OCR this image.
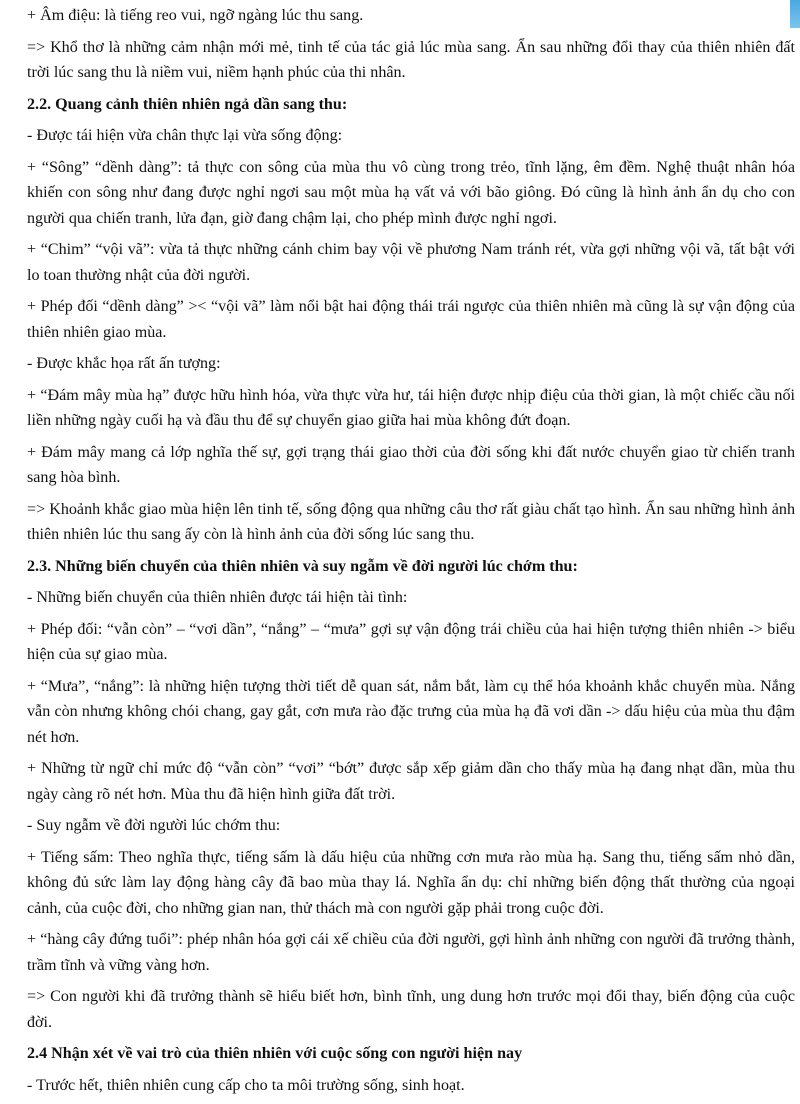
+ Âm điệu: là tiếng reo vui, ngỡ ngàng lúc thu sang.

=> Khổ thơ là những cảm nhận mới mẻ, tinh tế của tác giả lúc mùa sang. Ẩn sau những đổi thay của thiên nhiên đất trời lúc sang thu là niềm vui, niềm hạnh phúc của thi nhân.

2.2. Quang cảnh thiên nhiên ngả dần sang thu:

- Được tái hiện vừa chân thực lại vừa sống động:

+ “Sông” “dềnh dàng”: tả thực con sông của mùa thu vô cùng trong trẻo, tĩnh lặng, êm đềm. Nghệ thuật nhân hóa khiến con sông như đang được nghỉ ngơi sau một mùa hạ vất vả với bão giông. Đó cũng là hình ảnh ẩn dụ cho con người qua chiến tranh, lửa đạn, giờ đang chậm lại, cho phép mình được nghỉ ngơi.

+ “Chim” “vội vã”: vừa tả thực những cánh chim bay vội về phương Nam tránh rét, vừa gợi những vội vã, tất bật với lo toan thường nhật của đời người.

+ Phép đối “dềnh dàng” >< “vội vã” làm nổi bật hai động thái trái ngược của thiên nhiên mà cũng là sự vận động của thiên nhiên giao mùa.

- Được khắc họa rất ấn tượng:

+ “Đám mây mùa hạ” được hữu hình hóa, vừa thực vừa hư, tái hiện được nhịp điệu của thời gian, là một chiếc cầu nối liền những ngày cuối hạ và đầu thu để sự chuyển giao giữa hai mùa không đứt đoạn.

+ Đám mây mang cả lớp nghĩa thế sự, gợi trạng thái giao thời của đời sống khi đất nước chuyển giao từ chiến tranh sang hòa bình.

=> Khoảnh khắc giao mùa hiện lên tinh tế, sống động qua những câu thơ rất giàu chất tạo hình. Ẩn sau những hình ảnh thiên nhiên lúc thu sang ấy còn là hình ảnh của đời sống lúc sang thu.

2.3. Những biến chuyển của thiên nhiên và suy ngẫm về đời người lúc chớm thu:

- Những biến chuyển của thiên nhiên được tái hiện tài tình:

+ Phép đối: “vẫn còn” – “vơi dần”, “nắng” – “mưa” gợi sự vận động trái chiều của hai hiện tượng thiên nhiên -> biểu hiện của sự giao mùa.

+ “Mưa”, “nắng”: là những hiện tượng thời tiết dễ quan sát, nắm bắt, làm cụ thể hóa khoảnh khắc chuyển mùa. Nắng vẫn còn nhưng không chói chang, gay gắt, cơn mưa rào đặc trưng của mùa hạ đã vơi dần -> dấu hiệu của mùa thu đậm nét hơn.

+ Những từ ngữ chỉ mức độ “vẫn còn” “vơi” “bớt” được sắp xếp giảm dần cho thấy mùa hạ đang nhạt dần, mùa thu ngày càng rõ nét hơn. Mùa thu đã hiện hình giữa đất trời.

- Suy ngẫm về đời người lúc chớm thu:

+ Tiếng sấm: Theo nghĩa thực, tiếng sấm là dấu hiệu của những cơn mưa rào mùa hạ. Sang thu, tiếng sấm nhỏ dần, không đủ sức làm lay động hàng cây đã bao mùa thay lá. Nghĩa ẩn dụ: chỉ những biến động thất thường của ngoại cảnh, của cuộc đời, cho những gian nan, thử thách mà con người gặp phải trong cuộc đời.

+ “hàng cây đứng tuổi”: phép nhân hóa gợi cái xế chiều của đời người, gợi hình ảnh những con người đã trưởng thành, trầm tĩnh và vững vàng hơn.

=> Con người khi đã trưởng thành sẽ hiểu biết hơn, bình tĩnh, ung dung hơn trước mọi đổi thay, biến động của cuộc đời.

2.4 Nhận xét về vai trò của thiên nhiên với cuộc sống con người hiện nay

- Trước hết, thiên nhiên cung cấp cho ta môi trường sống, sinh hoạt.
